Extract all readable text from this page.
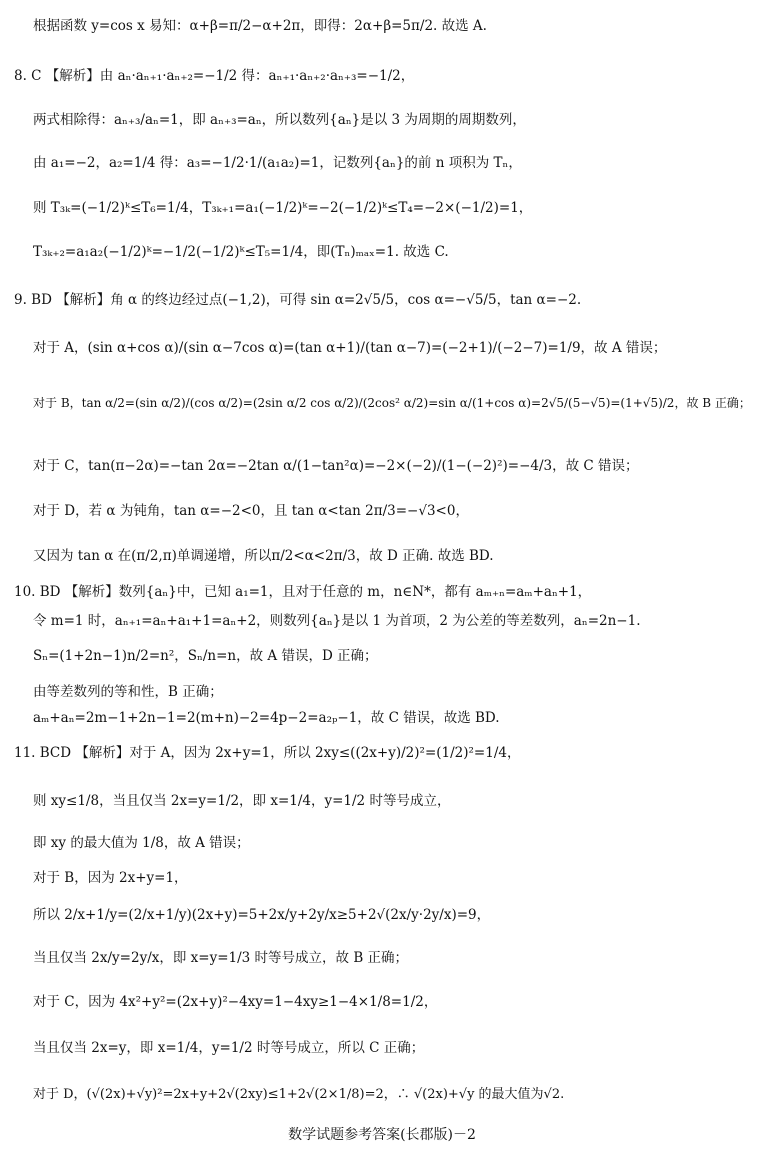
根据函数 y=cos x 易知：α+β=π/2−α+2π，即得：2α+β=5π/2. 故选 A.
8. C 【解析】由 aₙ·aₙ₊₁·aₙ₊₂=−1/2 得：aₙ₊₁·aₙ₊₂·aₙ₊₃=−1/2，
两式相除得：aₙ₊₃/aₙ=1，即 aₙ₊₃=aₙ，所以数列{aₙ}是以 3 为周期的周期数列，
由 a₁=−2，a₂=1/4 得：a₃=−1/2·1/(a₁a₂)=1，记数列{aₙ}的前 n 项积为 Tₙ，
则 T₃ₖ=(−1/2)ᵏ≤T₆=1/4，T₃ₖ₊₁=a₁(−1/2)ᵏ=−2(−1/2)ᵏ≤T₄=−2×(−1/2)=1，
T₃ₖ₊₂=a₁a₂(−1/2)ᵏ=−1/2(−1/2)ᵏ≤T₅=1/4，即(Tₙ)ₘₐₓ=1. 故选 C.
9. BD 【解析】角 α 的终边经过点(−1,2)，可得 sin α=2√5/5，cos α=−√5/5，tan α=−2.
对于 A，(sin α+cos α)/(sin α−7cos α)=(tan α+1)/(tan α−7)=(−2+1)/(−2−7)=1/9，故 A 错误；
对于 B，tan α/2=(sin α/2)/(cos α/2)=(2sin α/2 cos α/2)/(2cos² α/2)=sin α/(1+cos α)=2√5/(5−√5)=(1+√5)/2，故 B 正确；
对于 C，tan(π−2α)=−tan 2α=−2tan α/(1−tan²α)=−2×(−2)/(1−(−2)²)=−4/3，故 C 错误；
对于 D，若 α 为钝角，tan α=−2<0，且 tan α<tan 2π/3=−√3<0，
又因为 tan α 在(π/2,π)单调递增，所以π/2<α<2π/3，故 D 正确. 故选 BD.
10. BD 【解析】数列{aₙ}中，已知 a₁=1，且对于任意的 m，n∈N*，都有 aₘ₊ₙ=aₘ+aₙ+1，
令 m=1 时，aₙ₊₁=aₙ+a₁+1=aₙ+2，则数列{aₙ}是以 1 为首项，2 为公差的等差数列，aₙ=2n−1.
Sₙ=(1+2n−1)n/2=n²，Sₙ/n=n，故 A 错误，D 正确；
由等差数列的等和性，B 正确；
aₘ+aₙ=2m−1+2n−1=2(m+n)−2=4p−2=a₂ₚ−1，故 C 错误，故选 BD.
11. BCD 【解析】对于 A，因为 2x+y=1，所以 2xy≤((2x+y)/2)²=(1/2)²=1/4，
则 xy≤1/8，当且仅当 2x=y=1/2，即 x=1/4，y=1/2 时等号成立，
即 xy 的最大值为 1/8，故 A 错误；
对于 B，因为 2x+y=1，
所以 2/x+1/y=(2/x+1/y)(2x+y)=5+2x/y+2y/x≥5+2√(2x/y·2y/x)=9，
当且仅当 2x/y=2y/x，即 x=y=1/3 时等号成立，故 B 正确；
对于 C，因为 4x²+y²=(2x+y)²−4xy=1−4xy≥1−4×1/8=1/2，
当且仅当 2x=y，即 x=1/4，y=1/2 时等号成立，所以 C 正确；
对于 D，(√(2x)+√y)²=2x+y+2√(2xy)≤1+2√(2×1/8)=2，∴ √(2x)+√y 的最大值为√2.
数学试题参考答案(长郡版)－2
